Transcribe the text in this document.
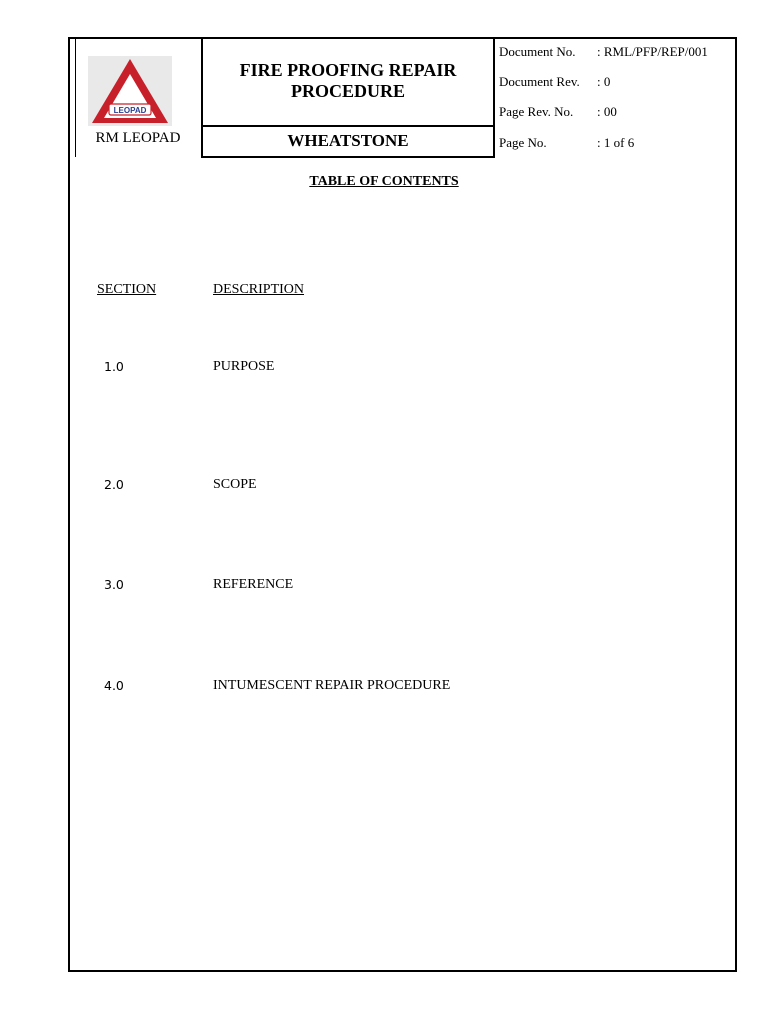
LEOPAD
RM LEOPAD
FIRE PROOFING REPAIR PROCEDURE
WHEATSTONE
Document No. : RML/PFP/REP/001
Document Rev. : 0
Page Rev. No. : 00
Page No.	: 1 of 6
TABLE OF CONTENTS
SECTION	DESCRIPTION
1.0	PURPOSE
2.0	SCOPE
3.0	REFERENCE
4.0	INTUMESCENT REPAIR PROCEDURE
